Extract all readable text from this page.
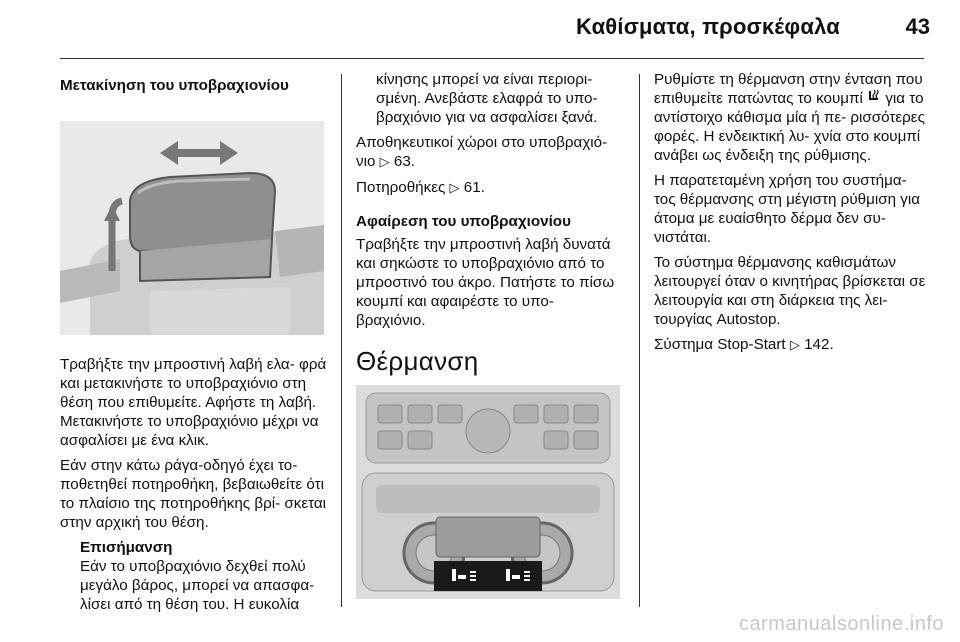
Καθίσματα, προσκέφαλα	43
Μετακίνηση του υποβραχιονίου

Τραβήξτε την μπροστινή λαβή ελα- φρά και μετακινήστε το υποβραχιόνιο στη θέση που επιθυμείτε. Αφήστε τη λαβή. Μετακινήστε το υποβραχιόνιο μέχρι να ασφαλίσει με ένα κλικ.

Εάν στην κάτω ράγα-οδηγό έχει το- ποθετηθεί ποτηροθήκη, βεβαιωθείτε ότι το πλαίσιο της ποτηροθήκης βρί- σκεται στην αρχική του θέση.

Επισήμανση
Εάν το υποβραχιόνιο δεχθεί πολύ μεγάλο βάρος, μπορεί να απασφα- λίσει από τη θέση του. Η ευκολία

κίνησης μπορεί να είναι περιορι- σμένη. Ανεβάστε ελαφρά το υπο- βραχιόνιο για να ασφαλίσει ξανά.

Αποθηκευτικοί χώροι στο υποβραχιό- νιο ▷ 63.

Ποτηροθήκες ▷ 61.

Αφαίρεση του υποβραχιονίου

Τραβήξτε την μπροστινή λαβή δυνατά και σηκώστε το υποβραχιόνιο από το μπροστινό του άκρο. Πατήστε το πίσω κουμπί και αφαιρέστε το υπο- βραχιόνιο.

Θέρμανση

Ρυθμίστε τη θέρμανση στην ένταση που επιθυμείτε πατώντας το κουμπί για το αντίστοιχο κάθισμα μία ή πε- ρισσότερες φορές. Η ενδεικτική λυ- χνία στο κουμπί ανάβει ως ένδειξη της ρύθμισης.

Η παρατεταμένη χρήση του συστήμα- τος θέρμανσης στη μέγιστη ρύθμιση για άτομα με ευαίσθητο δέρμα δεν συ- νιστάται.

Το σύστημα θέρμανσης καθισμάτων λειτουργεί όταν ο κινητήρας βρίσκεται σε λειτουργία και στη διάρκεια της λει- τουργίας Autostop.

Σύστημα Stop-Start ▷ 142.

carmanualsonline.info
